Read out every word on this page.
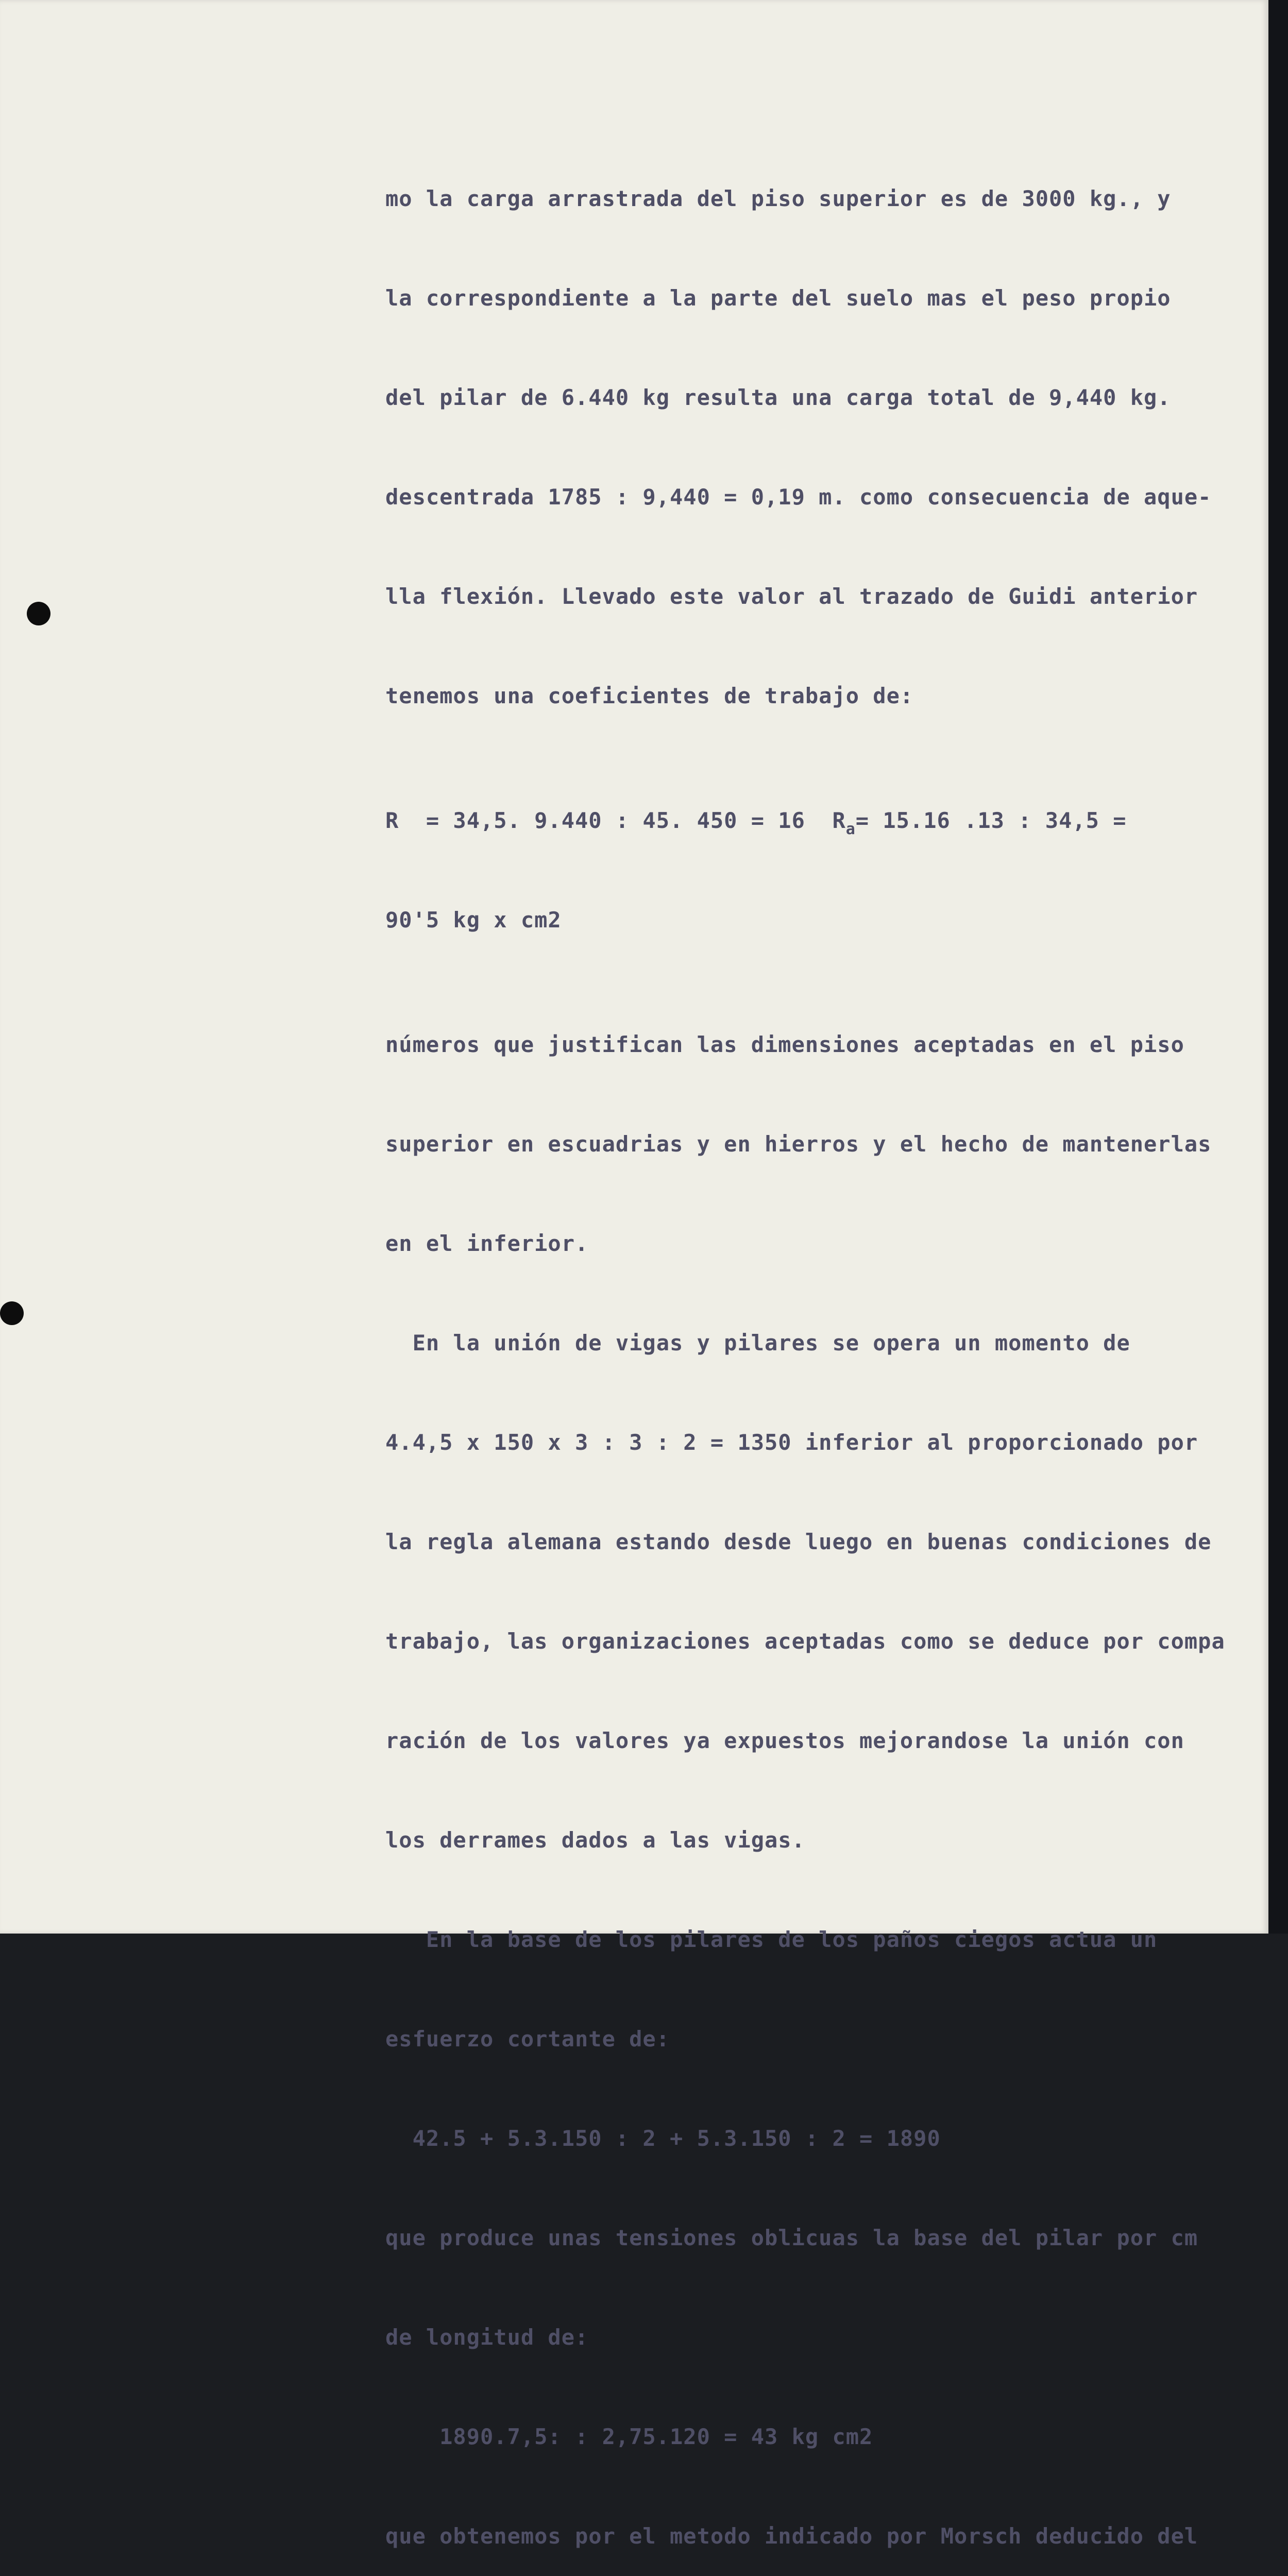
mo la carga arrastrada del piso superior es de 3000 kg., y

la correspondiente a la parte del suelo mas el peso propio

del pilar de 6.440 kg resulta una carga total de 9,440 kg.

descentrada 1785 : 9,440 = 0,19 m. como consecuencia de aque-

lla flexión. Llevado este valor al trazado de Guidi anterior

tenemos una coeficientes de trabajo de:

R  = 34,5. 9.440 : 45. 450 = 16  $R_a= 15.16$ .13 : 34,5 =

90'5 kg x cm2

números que justifican las dimensiones aceptadas en el piso

superior en escuadrias y en hierros y el hecho de mantenerlas

en el inferior.

En la unión de vigas y pilares se opera un momento de

4.4,5 x 150 x 3 : 3 : 2 = 1350 inferior al proporcionado por

la regla alemana estando desde luego en buenas condiciones de

trabajo, las organizaciones aceptadas como se deduce por compa

ración de los valores ya expuestos mejorandose la unión con

los derrames dados a las vigas.

En la base de los pilares de los paños ciegos actua un

esfuerzo cortante de:

42.5 + 5.3.150 : 2 + 5.3.150 : 2 = 1890

que produce unas tensiones oblicuas la base del pilar por cm

de longitud de:

1890.7,5: : 2,75.120 = 43 kg cm2

que obtenemos por el metodo indicado por Morsch deducido del
